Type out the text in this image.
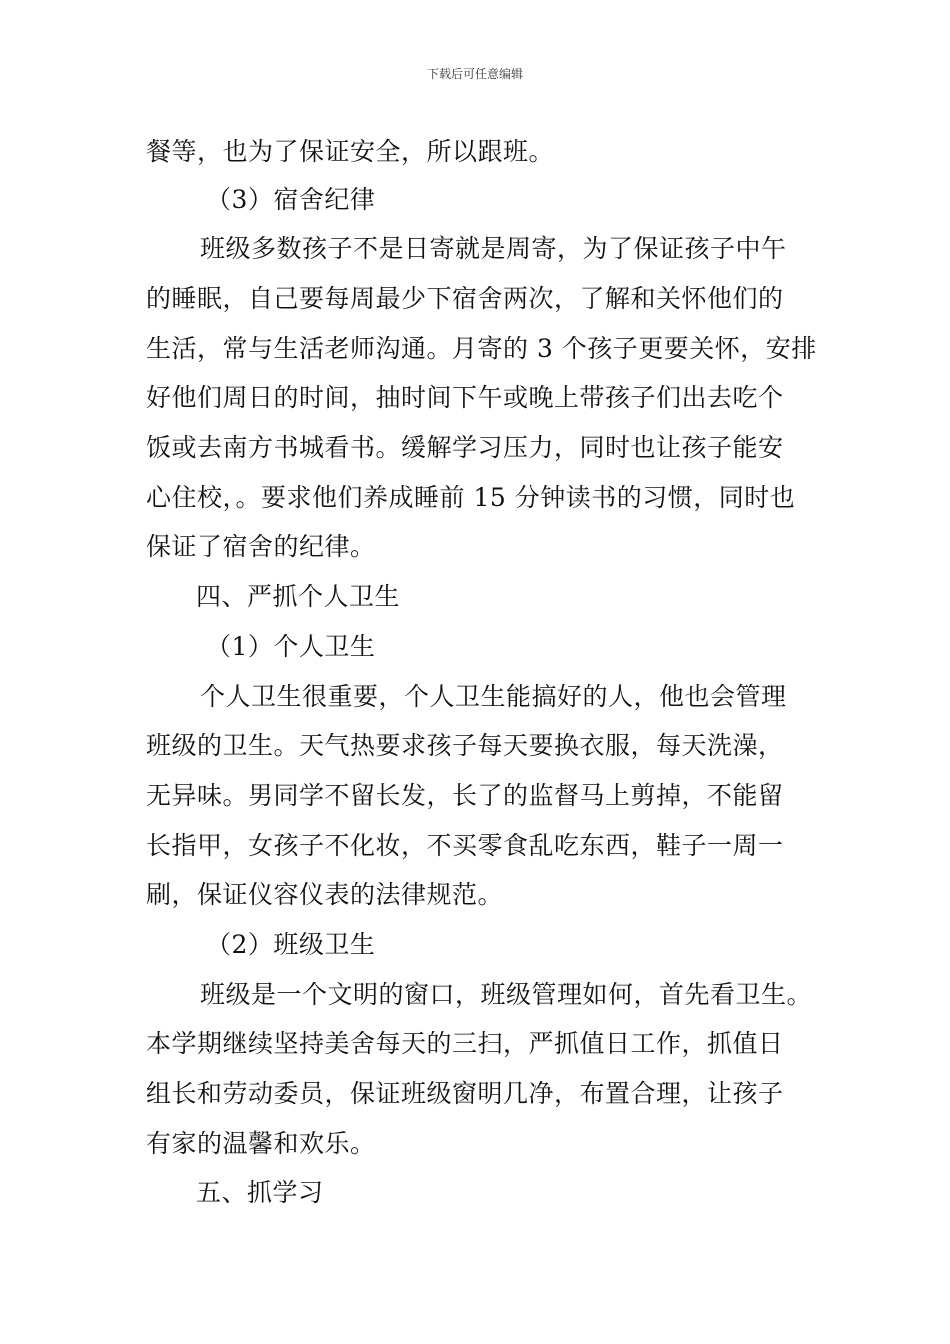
下载后可任意编辑
餐等，也为了保证安全，所以跟班。
（3）宿舍纪律
班级多数孩子不是日寄就是周寄，为了保证孩子中午
的睡眠，自己要每周最少下宿舍两次，了解和关怀他们的
生活，常与生活老师沟通。月寄的 3 个孩子更要关怀，安排
好他们周日的时间，抽时间下午或晚上带孩子们出去吃个
饭或去南方书城看书。缓解学习压力，同时也让孩子能安
心住校，。要求他们养成睡前 15 分钟读书的习惯，同时也
保证了宿舍的纪律。
四、严抓个人卫生
（1）个人卫生
个人卫生很重要，个人卫生能搞好的人，他也会管理
班级的卫生。天气热要求孩子每天要换衣服，每天洗澡，
无异味。男同学不留长发，长了的监督马上剪掉，不能留
长指甲，女孩子不化妆，不买零食乱吃东西，鞋子一周一
刷，保证仪容仪表的法律规范。
（2）班级卫生
班级是一个文明的窗口，班级管理如何，首先看卫生。
本学期继续坚持美舍每天的三扫，严抓值日工作，抓值日
组长和劳动委员，保证班级窗明几净，布置合理，让孩子
有家的温馨和欢乐。
五、抓学习
